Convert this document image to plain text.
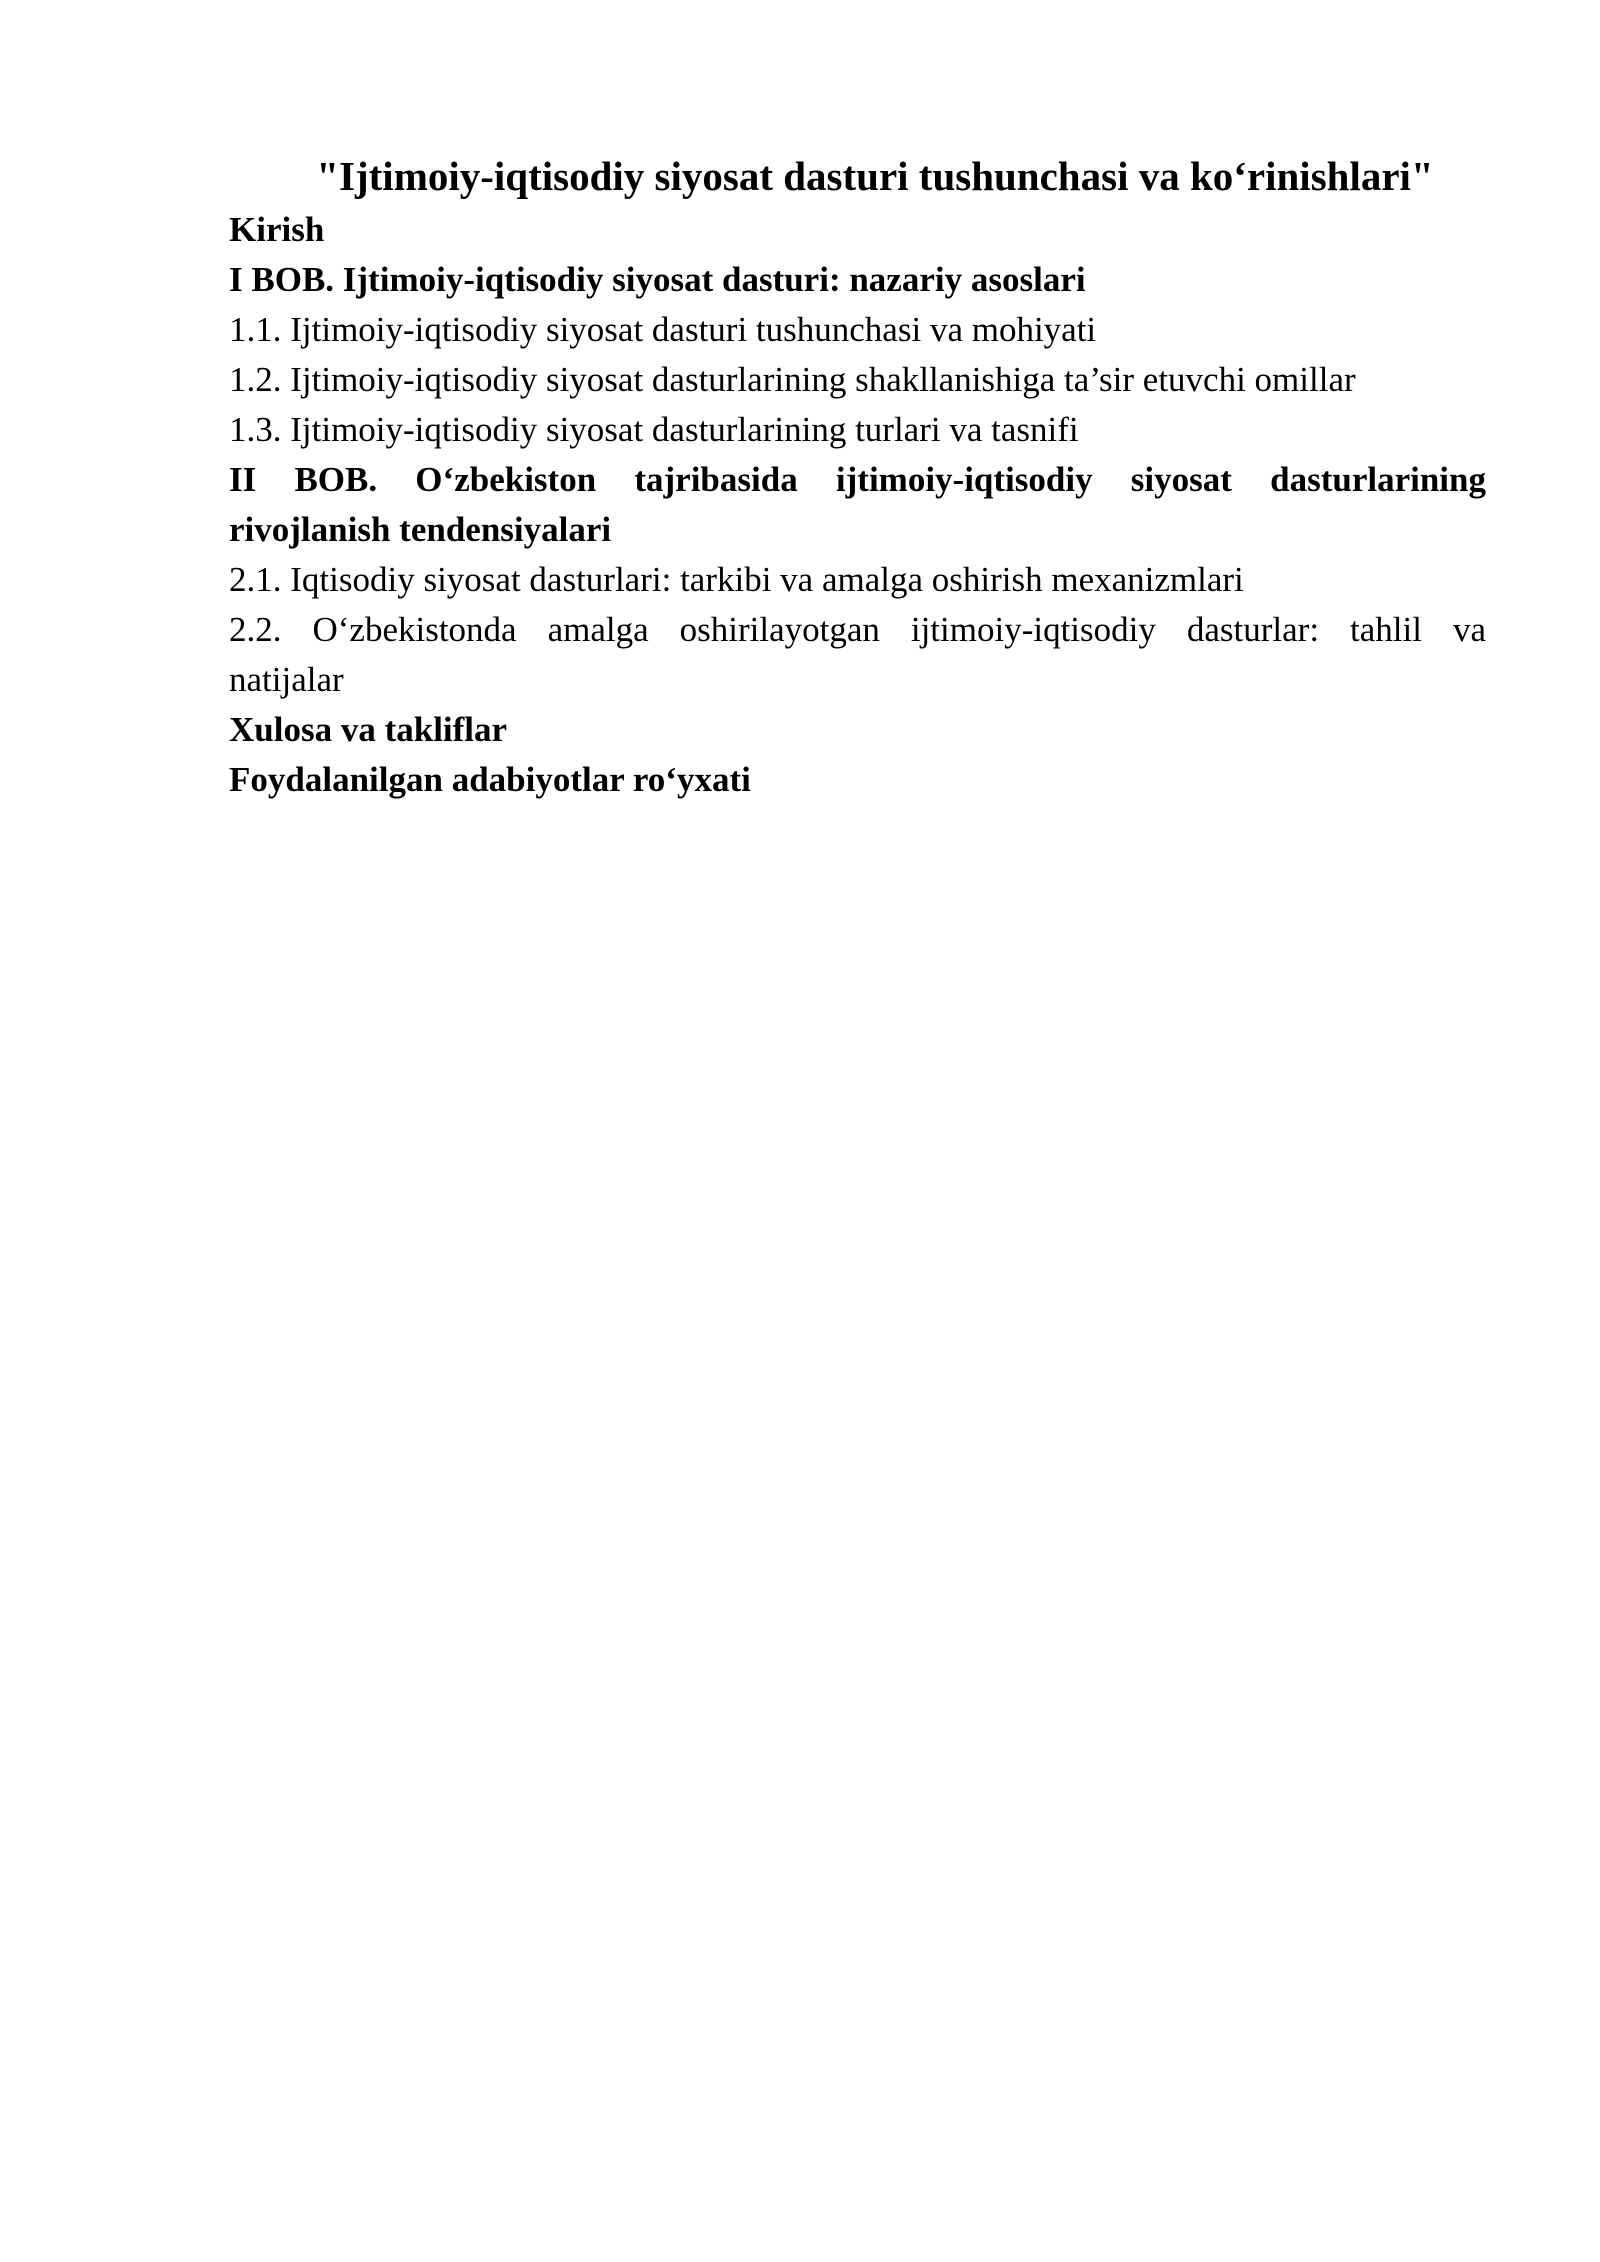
"Ijtimoiy-iqtisodiy siyosat dasturi tushunchasi va ko‘rinishlari"

Kirish

I BOB. Ijtimoiy-iqtisodiy siyosat dasturi: nazariy asoslari

1.1. Ijtimoiy-iqtisodiy siyosat dasturi tushunchasi va mohiyati

1.2. Ijtimoiy-iqtisodiy siyosat dasturlarining shakllanishiga ta’sir etuvchi omillar

1.3. Ijtimoiy-iqtisodiy siyosat dasturlarining turlari va tasnifi

II BOB. O‘zbekiston tajribasida ijtimoiy-iqtisodiy siyosat dasturlarining

rivojlanish tendensiyalari

2.1. Iqtisodiy siyosat dasturlari: tarkibi va amalga oshirish mexanizmlari

2.2. O‘zbekistonda amalga oshirilayotgan ijtimoiy-iqtisodiy dasturlar: tahlil va

natijalar

Xulosa va takliflar

Foydalanilgan adabiyotlar ro‘yxati
